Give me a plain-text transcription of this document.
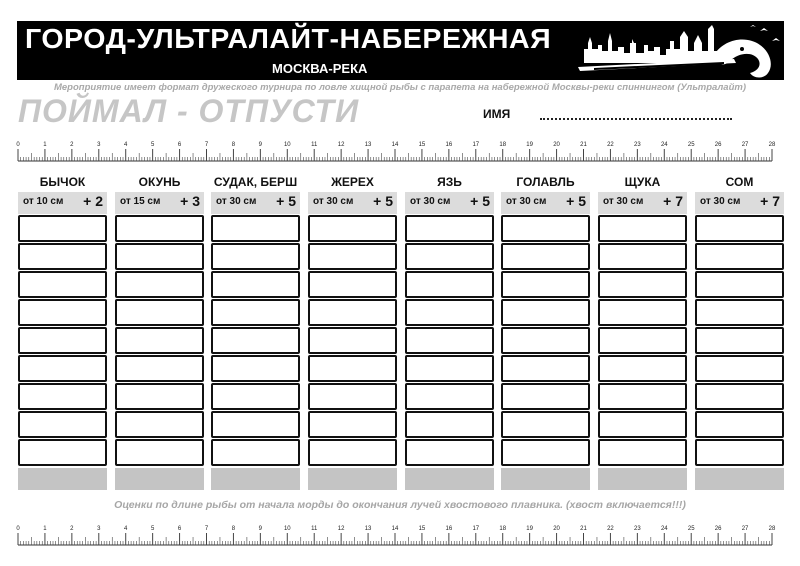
ГОРОД-УЛЬТРАЛАЙТ-НАБЕРЕЖНАЯ
МОСКВА-РЕКА
Мероприятие имеет формат дружеского турнира по ловле хищной рыбы с парапета на набережной Москвы-реки спиннингом (Ультралайт)
ПОЙМАЛ - ОТПУСТИ	ИМЯ
0	1	2	3	4	5	6	7	8	9	10	11	12	13	14	15	16	17	18	19	20	21	22	23	24	25	26	27	28
БЫЧОК
от 10 см + 2
ОКУНЬ
от 15 см + 3
СУДАК, БЕРШ
от 30 см + 5
ЖЕРЕХ
от 30 см + 5
ЯЗЬ
от 30 см + 5
ГОЛАВЛЬ
от 30 см + 5
ЩУКА
от 30 см + 7
СОМ
от 30 см + 7
Оценки по длине рыбы от начала морды до окончания лучей хвостового плавника. (хвост включается!!!)
0	1	2	3	4	5	6	7	8	9	10	11	12	13	14	15	16	17	18	19	20	21	22	23	24	25	26	27	28
